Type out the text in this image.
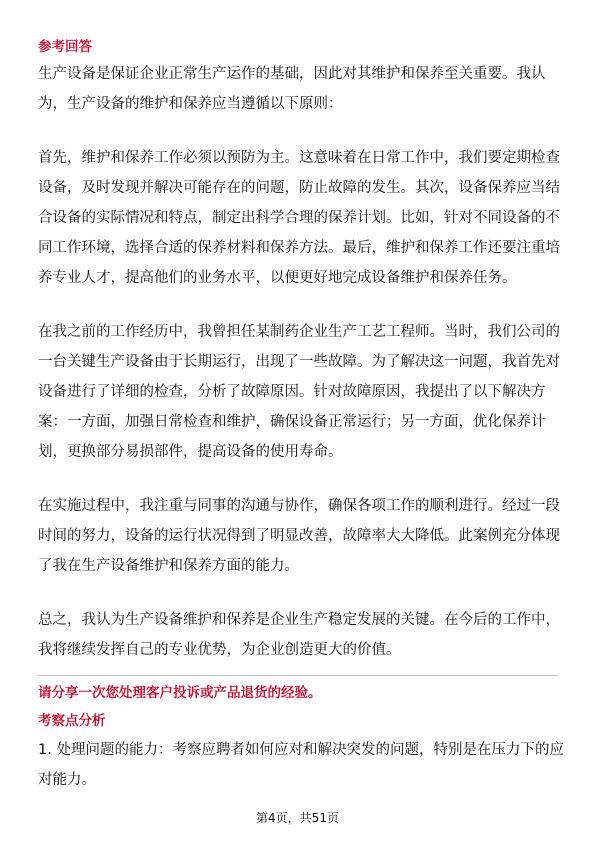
参考回答
生产设备是保证企业正常生产运作的基础，因此对其维护和保养至关重要。我认
为，生产设备的维护和保养应当遵循以下原则：
首先，维护和保养工作必须以预防为主。这意味着在日常工作中，我们要定期检查
设备，及时发现并解决可能存在的问题，防止故障的发生。其次，设备保养应当结
合设备的实际情况和特点，制定出科学合理的保养计划。比如，针对不同设备的不
同工作环境，选择合适的保养材料和保养方法。最后，维护和保养工作还要注重培
养专业人才，提高他们的业务水平，以便更好地完成设备维护和保养任务。
在我之前的工作经历中，我曾担任某制药企业生产工艺工程师。当时，我们公司的
一台关键生产设备由于长期运行，出现了一些故障。为了解决这一问题，我首先对
设备进行了详细的检查，分析了故障原因。针对故障原因，我提出了以下解决方
案：一方面，加强日常检查和维护，确保设备正常运行；另一方面，优化保养计
划，更换部分易损部件，提高设备的使用寿命。
在实施过程中，我注重与同事的沟通与协作，确保各项工作的顺利进行。经过一段
时间的努力，设备的运行状况得到了明显改善，故障率大大降低。此案例充分体现
了我在生产设备维护和保养方面的能力。
总之，我认为生产设备维护和保养是企业生产稳定发展的关键。在今后的工作中，
我将继续发挥自己的专业优势，为企业创造更大的价值。
请分享一次您处理客户投诉或产品退货的经验。
考察点分析
1. 处理问题的能力：考察应聘者如何应对和解决突发的问题，特别是在压力下的应
对能力。
第4页，共51页
